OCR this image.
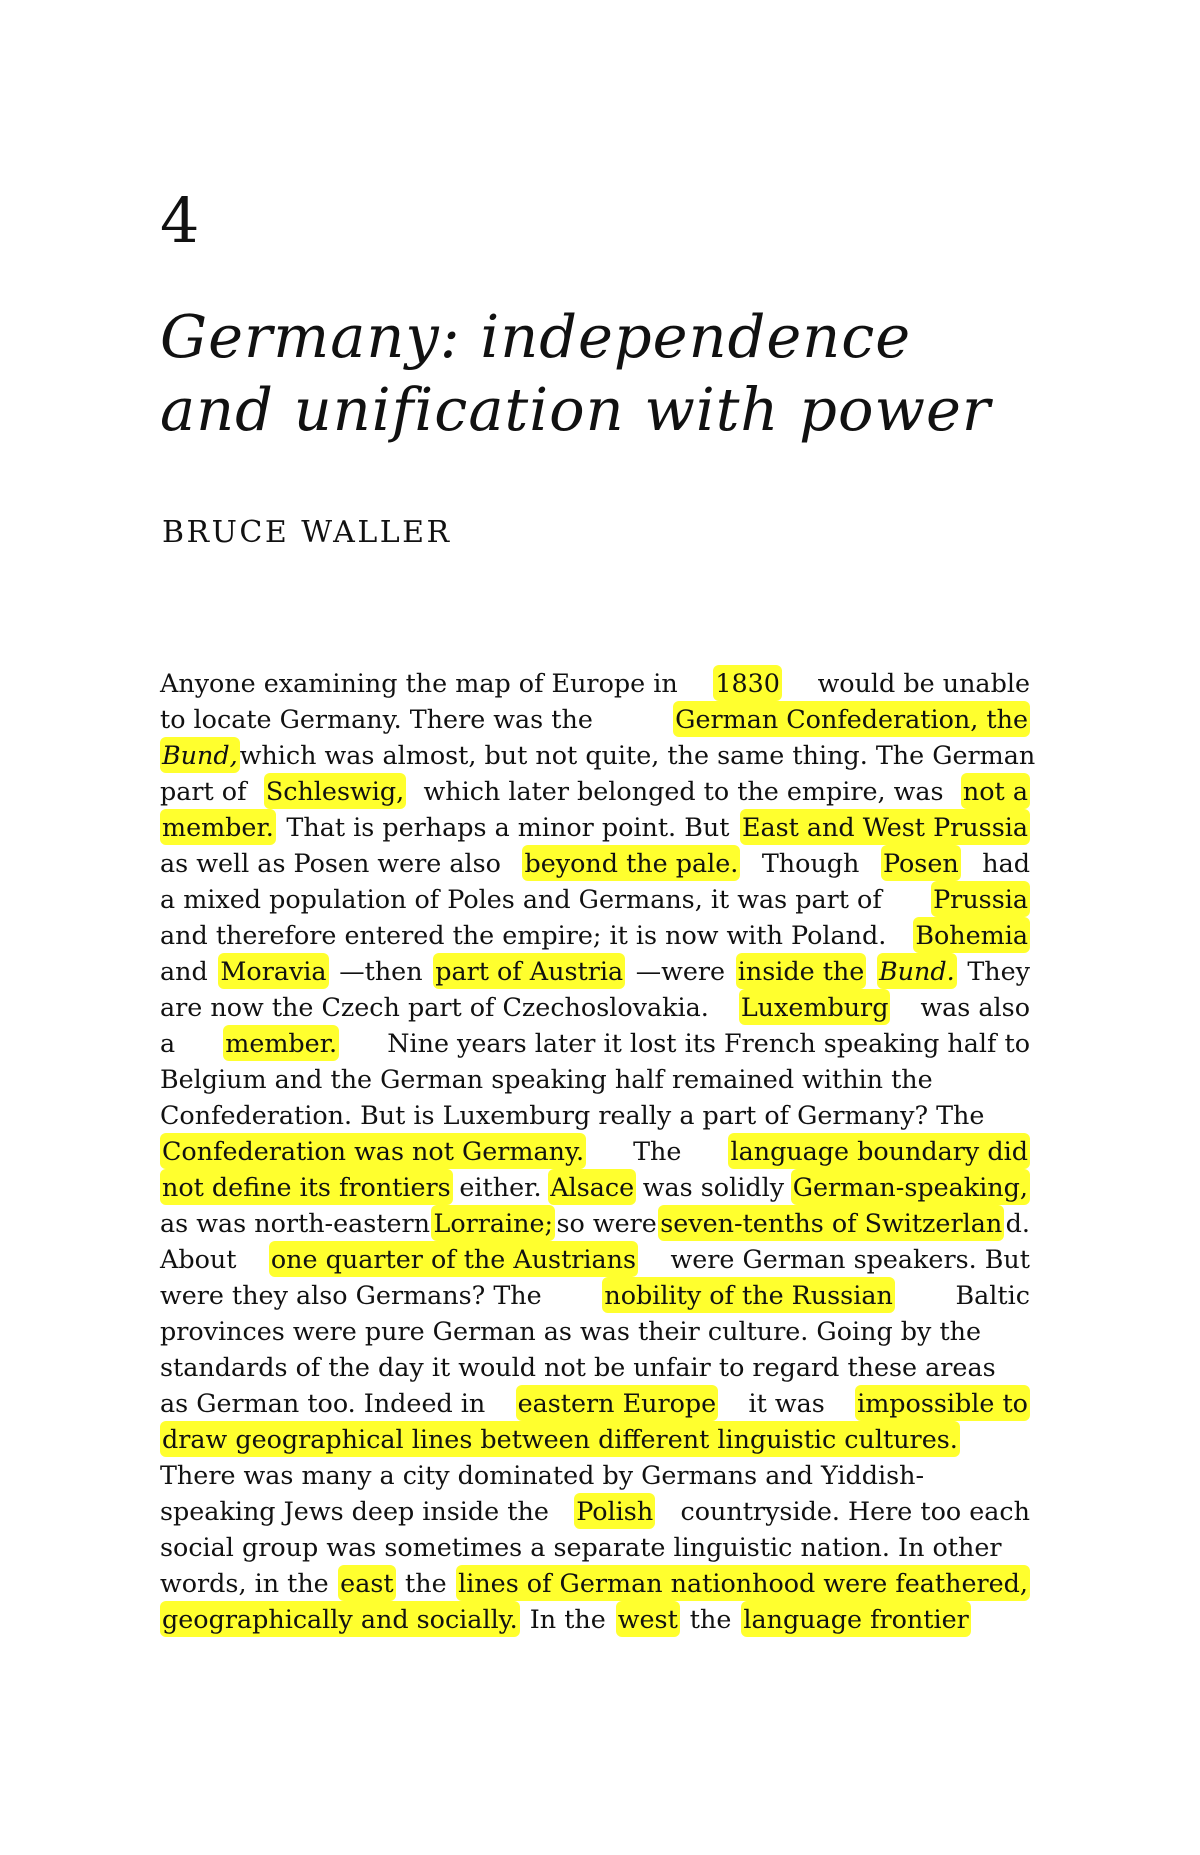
4
Germany: independence
and unification with power
BRUCE WALLER
Anyone examining the map of Europe in 1830 would be unable
to locate Germany. There was the	German Confederation, the
Bund, which was almost, but not quite, the same thing. The German
part of Schleswig, which later belonged to the empire, was not a
member. That is perhaps a minor point. But East and West Prussia
as well as Posen were also beyond the pale. Though Posen had
a mixed population of Poles and Germans, it was part of Prussia
and therefore entered the empire; it is now with Poland. Bohemia
and Moravia —then part of Austria —were inside the Bund. They
are now the Czech part of Czechoslovakia. Luxemburg was also
a member. Nine years later it lost its French speaking half to
Belgium and the German speaking half remained within the
Confederation. But is Luxemburg really a part of Germany? The
Confederation was not Germany. The language boundary did
not define its frontiers either. Alsace was solidly German-speaking,
as was north-eastern Lorraine; so were seven-tenths of Switzerlan d.
About one quarter of the Austrians were German speakers. But
were they also Germans? The nobility of the Russian Baltic
provinces were pure German as was their culture. Going by the
standards of the day it would not be unfair to regard these areas
as German too. Indeed in eastern Europe it was impossible to
draw geographical lines between different linguistic cultures.
There was many a city dominated by Germans and Yiddish-
speaking Jews deep inside the Polish countryside. Here too each
social group was sometimes a separate linguistic nation. In other
words, in the east the lines of German nationhood were feathered,
geographically and socially. In the west the language frontier
